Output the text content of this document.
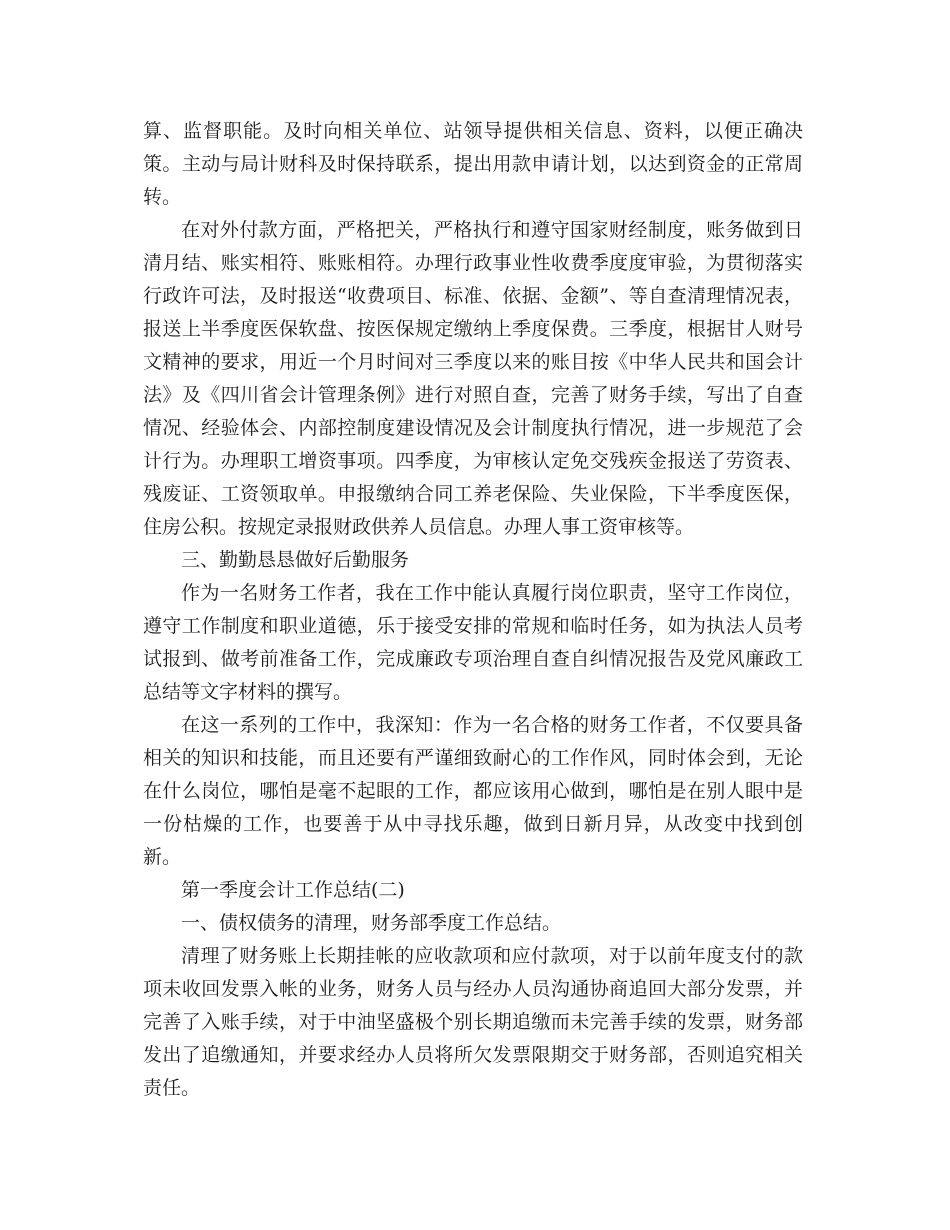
算、监督职能。及时向相关单位、站领导提供相关信息、资料，以便正确决策。主动与局计财科及时保持联系，提出用款申请计划，以达到资金的正常周转。

在对外付款方面，严格把关，严格执行和遵守国家财经制度，账务做到日清月结、账实相符、账账相符。办理行政事业性收费季度度审验，为贯彻落实行政许可法，及时报送“收费项目、标准、依据、金额”、等自查清理情况表，报送上半季度医保软盘、按医保规定缴纳上季度保费。三季度，根据甘人财号文精神的要求，用近一个月时间对三季度以来的账目按《中华人民共和国会计法》及《四川省会计管理条例》进行对照自查，完善了财务手续，写出了自查情况、经验体会、内部控制度建设情况及会计制度执行情况，进一步规范了会计行为。办理职工增资事项。四季度，为审核认定免交残疾金报送了劳资表、残废证、工资领取单。申报缴纳合同工养老保险、失业保险，下半季度医保，住房公积。按规定录报财政供养人员信息。办理人事工资审核等。

三、勤勤恳恳做好后勤服务

作为一名财务工作者，我在工作中能认真履行岗位职责，坚守工作岗位，遵守工作制度和职业道德，乐于接受安排的常规和临时任务，如为执法人员考试报到、做考前准备工作，完成廉政专项治理自查自纠情况报告及党风廉政工总结等文字材料的撰写。

在这一系列的工作中，我深知：作为一名合格的财务工作者，不仅要具备相关的知识和技能，而且还要有严谨细致耐心的工作作风，同时体会到，无论在什么岗位，哪怕是毫不起眼的工作，都应该用心做到，哪怕是在别人眼中是一份枯燥的工作，也要善于从中寻找乐趣，做到日新月异，从改变中找到创新。

第一季度会计工作总结(二)

一、债权债务的清理，财务部季度工作总结。

清理了财务账上长期挂帐的应收款项和应付款项，对于以前年度支付的款项未收回发票入帐的业务，财务人员与经办人员沟通协商追回大部分发票，并完善了入账手续，对于中油坚盛极个别长期追缴而未完善手续的发票，财务部发出了追缴通知，并要求经办人员将所欠发票限期交于财务部，否则追究相关责任。
